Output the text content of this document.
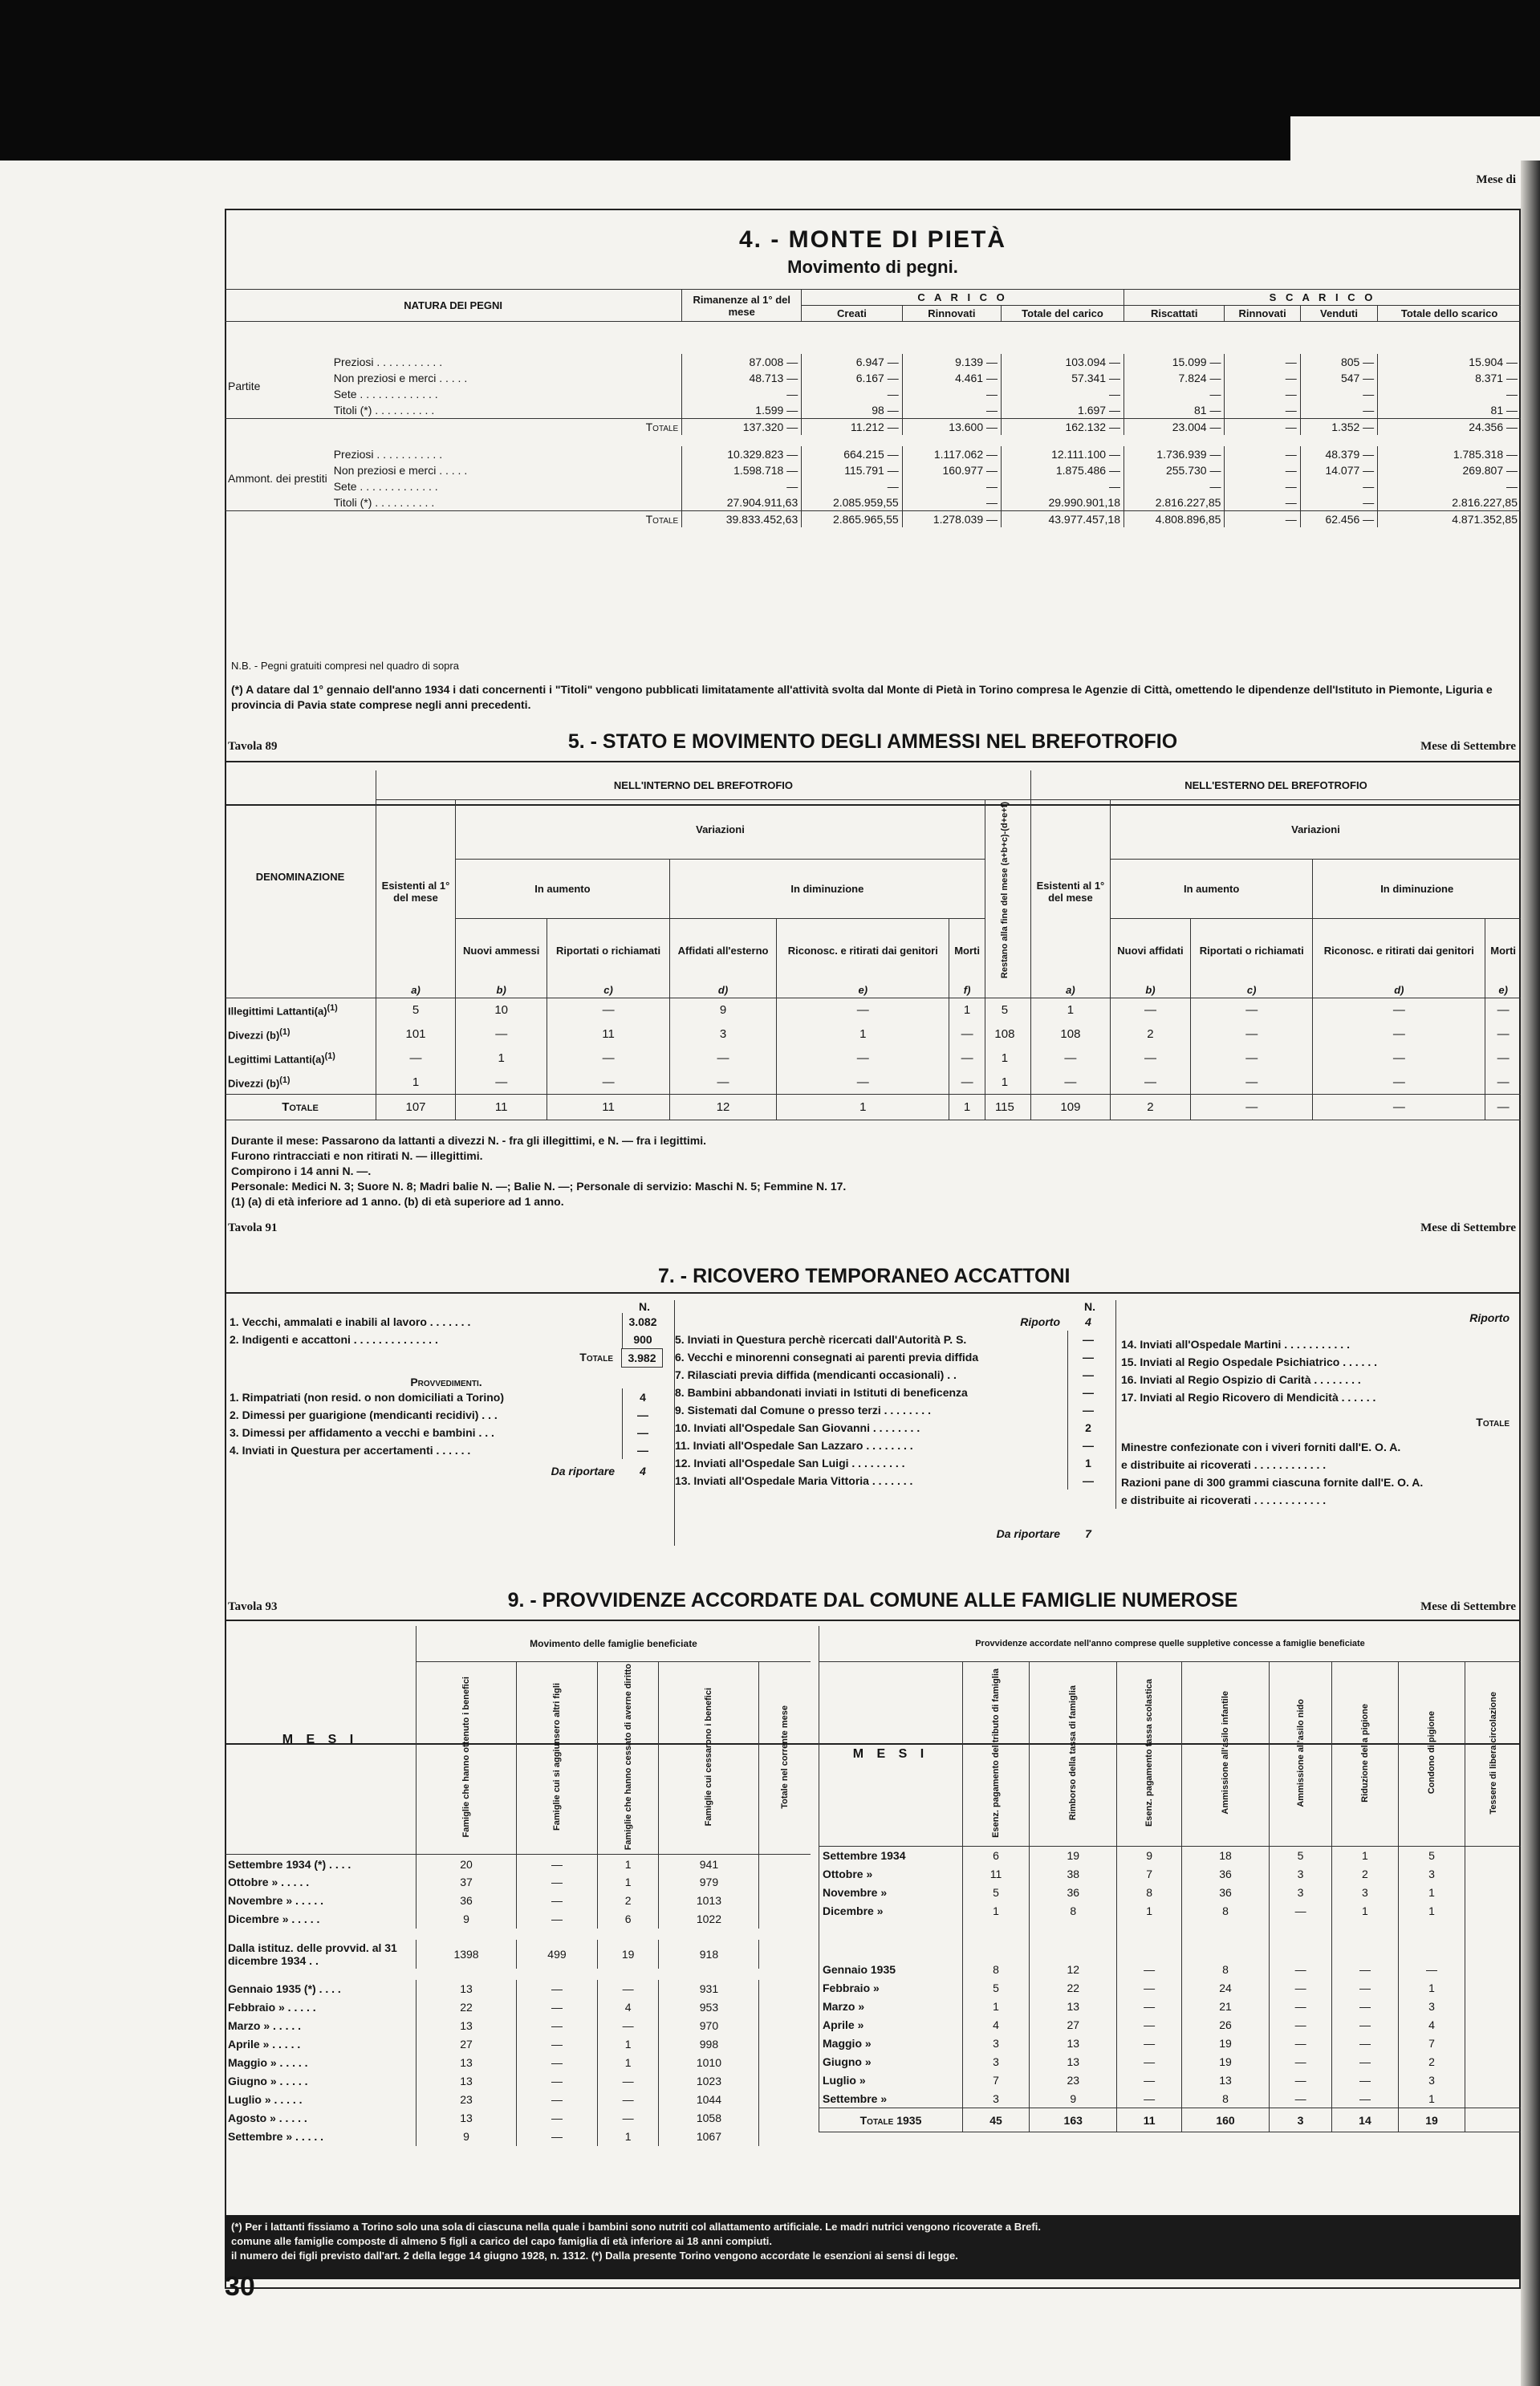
Mese di
4. - MONTE DI PIETÀ
Movimento di pegni.
NATURA DEI PEGNI		Rimanenze al 1° del mese	C A R I C O			S C A R I C O			
			Creati	Rinnovati	Totale del carico	Riscattati	Rinnovati	Venduti	Totale dello scarico

Partite	Preziosi . . . . . . . . . . .	87.008 —	6.947 —	9.139 —	103.094 —	15.099 —	—	805 —	15.904 —
	Non preziosi e merci . . . . .	48.713 —	6.167 —	4.461 —	57.341 —	7.824 —	—	547 —	8.371 —
	Sete . . . . . . . . . . . . .	—	—	—	—	—	—	—	—
	Titoli (*) . . . . . . . . . .	1.599 —	98 —	—	1.697 —	81 —	—	—	81 —
	Totale	137.320 —	11.212 —	13.600 —	162.132 —	23.004 —	—	1.352 —	24.356 —

Ammont. dei prestiti	Preziosi . . . . . . . . . . .	10.329.823 —	664.215 —	1.117.062 —	12.111.100 —	1.736.939 —	—	48.379 —	1.785.318 —
	Non preziosi e merci . . . . .	1.598.718 —	115.791 —	160.977 —	1.875.486 —	255.730 —	—	14.077 —	269.807 —
	Sete . . . . . . . . . . . . .	—	—	—	—	—	—	—	—
	Titoli (*) . . . . . . . . . .	27.904.911,63	2.085.959,55	—	29.990.901,18	2.816.227,85	—	—	2.816.227,85
	Totale	39.833.452,63	2.865.965,55	1.278.039 —	43.977.457,18	4.808.896,85	—	62.456 —	4.871.352,85
N.B. - Pegni gratuiti compresi nel quadro di sopra
(*) A datare dal 1° gennaio dell'anno 1934 i dati concernenti i "Titoli" vengono pubblicati limitatamente all'attività svolta dal Monte di Pietà in Torino compresa le Agenzie di Città, omettendo le dipendenze dell'Istituto in Piemonte, Liguria e provincia di Pavia state comprese negli anni precedenti.
Tavola 89	Mese di Settembre
5. - STATO E MOVIMENTO DEGLI AMMESSI NEL BREFOTROFIO
DENOMINAZIONE	NELL'INTERNO DEL BREFOTROFIO								NELL'ESTERNO DEL BREFOTROFIO				
	Esistenti al 1° del mese	Variazioni					Restano alla fine del mese (a+b+c)-(d+e+f)		Esistenti al 1° del mese	Variazioni			
		In aumento		In diminuzione						In aumento		In diminuzione	
		Nuovi ammessi	Riportati o richiamati	Affidati all'esterno	Riconosc. e ritirati dai genitori	Morti				Nuovi affidati	Riportati o richiamati	Riconosc. e ritirati dai genitori	Morti
	a)	b)	c)	d)	e)	f)			a)	b)	c)	d)	e)
Illegittimi $Lattanti(a)^{(1)}$	5	10	—	9	—	1	5		1	—	—	—	—
Divezzi $(b)^{(1)}$	101	—	11	3	1	—	108		108	2	—	—	—
Legittimi $Lattanti(a)^{(1)}$	—	1	—	—	—	—	1		—	—	—	—	—
Divezzi $(b)^{(1)}$	1	—	—	—	—	—	1		—	—	—	—	—
Totale	107	11	11	12	1	1	115		109	2	—	—	—
Durante il mese: Passarono da lattanti a divezzi N. - fra gli illegittimi, e N. — fra i legittimi.
Furono rintracciati e non ritirati N. — illegittimi.
Compirono i 14 anni N. —.
Personale: Medici N. 3; Suore N. 8; Madri balie N. —; Balie N. —; Personale di servizio: Maschi N. 5; Femmine N. 17.
(1) (a) di età inferiore ad 1 anno. (b) di età superiore ad 1 anno.
Tavola 91	Mese di Settembre
7. - RICOVERO TEMPORANEO ACCATTONI
N.
1. Vecchi, ammalati e inabili al lavoro . . . . . . .	3.082
2. Indigenti e accattoni . . . . . . . . . . . . . .	900
Totale	3.982
Provvedimenti.
1. Rimpatriati (non resid. o non domiciliati a Torino)	4
2. Dimessi per guarigione (mendicanti recidivi) . . .	—
3. Dimessi per affidamento a vecchi e bambini . . .	—
4. Inviati in Questura per accertamenti . . . . . .	—
Da riportare	4
N.
Riporto	4
5. Inviati in Questura perchè ricercati dall'Autorità P. S.	—
6. Vecchi e minorenni consegnati ai parenti previa diffida	—
7. Rilasciati previa diffida (mendicanti occasionali) . .	—
8. Bambini abbandonati inviati in Istituti di beneficenza	—
9. Sistemati dal Comune o presso terzi . . . . . . . .	—
10. Inviati all'Ospedale San Giovanni . . . . . . . .	2
11. Inviati all'Ospedale San Lazzaro . . . . . . . .	—
12. Inviati all'Ospedale San Luigi . . . . . . . . .	1
13. Inviati all'Ospedale Maria Vittoria . . . . . . .	—
Da riportare	7
Riporto
14. Inviati all'Ospedale Martini . . . . . . . . . . .
15. Inviati al Regio Ospedale Psichiatrico . . . . . .
16. Inviati al Regio Ospizio di Carità . . . . . . . .
17. Inviati al Regio Ricovero di Mendicità . . . . . .
Totale
Minestre confezionate con i viveri forniti dall'E. O. A.
e distribuite ai ricoverati . . . . . . . . . . . .
Razioni pane di 300 grammi ciascuna fornite dall'E. O. A.
e distribuite ai ricoverati . . . . . . . . . . . .
Tavola 93	Mese di Settembre
9. - PROVVIDENZE ACCORDATE DAL COMUNE ALLE FAMIGLIE NUMEROSE
M E S I	Movimento delle famiglie beneficiate				
	Famiglie che hanno ottenuto i benefici	Famiglie cui si aggiunsero altri figli	Famiglie che hanno cessato di averne diritto	Famiglie cui cessarono i benefici	Totale nel corrente mese
Settembre 1934 (*) . . . .	20	—	1	941	
Ottobre » . . . . .	37	—	1	979	
Novembre » . . . . .	36	—	2	1013	
Dicembre » . . . . .	9	—	6	1022	

Dalla istituz. delle provvid. al 31 dicembre 1934 . .	1398	499	19	918	

Gennaio 1935 (*) . . . .	13	—	—	931	
Febbraio » . . . . .	22	—	4	953	
Marzo » . . . . .	13	—	—	970	
Aprile » . . . . .	27	—	1	998	
Maggio » . . . . .	13	—	1	1010	
Giugno » . . . . .	13	—	—	1023	
Luglio » . . . . .	23	—	—	1044	
Agosto » . . . . .	13	—	—	1058	
Settembre » . . . . .	9	—	1	1067	
Provvidenze accordate nell'anno comprese quelle suppletive concesse a famiglie beneficiate								
M E S I	Esenz. pagamento del tributo di famiglia	Rimborso della tassa di famiglia	Esenz. pagamento tassa scolastica	Ammissione all'asilo infantile	Ammissione all'asilo nido	Riduzione della pigione	Condono di pigione	Tessere di libera circolazione
Settembre 1934	6	19	9	18	5	1	5	
Ottobre »	11	38	7	36	3	2	3	
Novembre »	5	36	8	36	3	3	1	
Dicembre »	1	8	1	8	—	1	1	

Gennaio 1935	8	12	—	8	—	—	—	
Febbraio »	5	22	—	24	—	—	1	
Marzo »	1	13	—	21	—	—	3	
Aprile »	4	27	—	26	—	—	4	
Maggio »	3	13	—	19	—	—	7	
Giugno »	3	13	—	19	—	—	2	
Luglio »	7	23	—	13	—	—	3	
Settembre »	3	9	—	8	—	—	1	
Totale 1935	45	163	11	160	3	14	19	
(*) Per i lattanti fissiamo a Torino solo una sola di ciascuna nella quale i bambini sono nutriti col allattamento artificiale. Le madri nutrici vengono ricoverate a Brefi.
comune alle famiglie composte di almeno 5 figli a carico del capo famiglia di età inferiore ai 18 anni compiuti.
il numero dei figli previsto dall'art. 2 della legge 14 giugno 1928, n. 1312. (*) Dalla presente Torino vengono accordate le esenzioni ai sensi di legge.
30
